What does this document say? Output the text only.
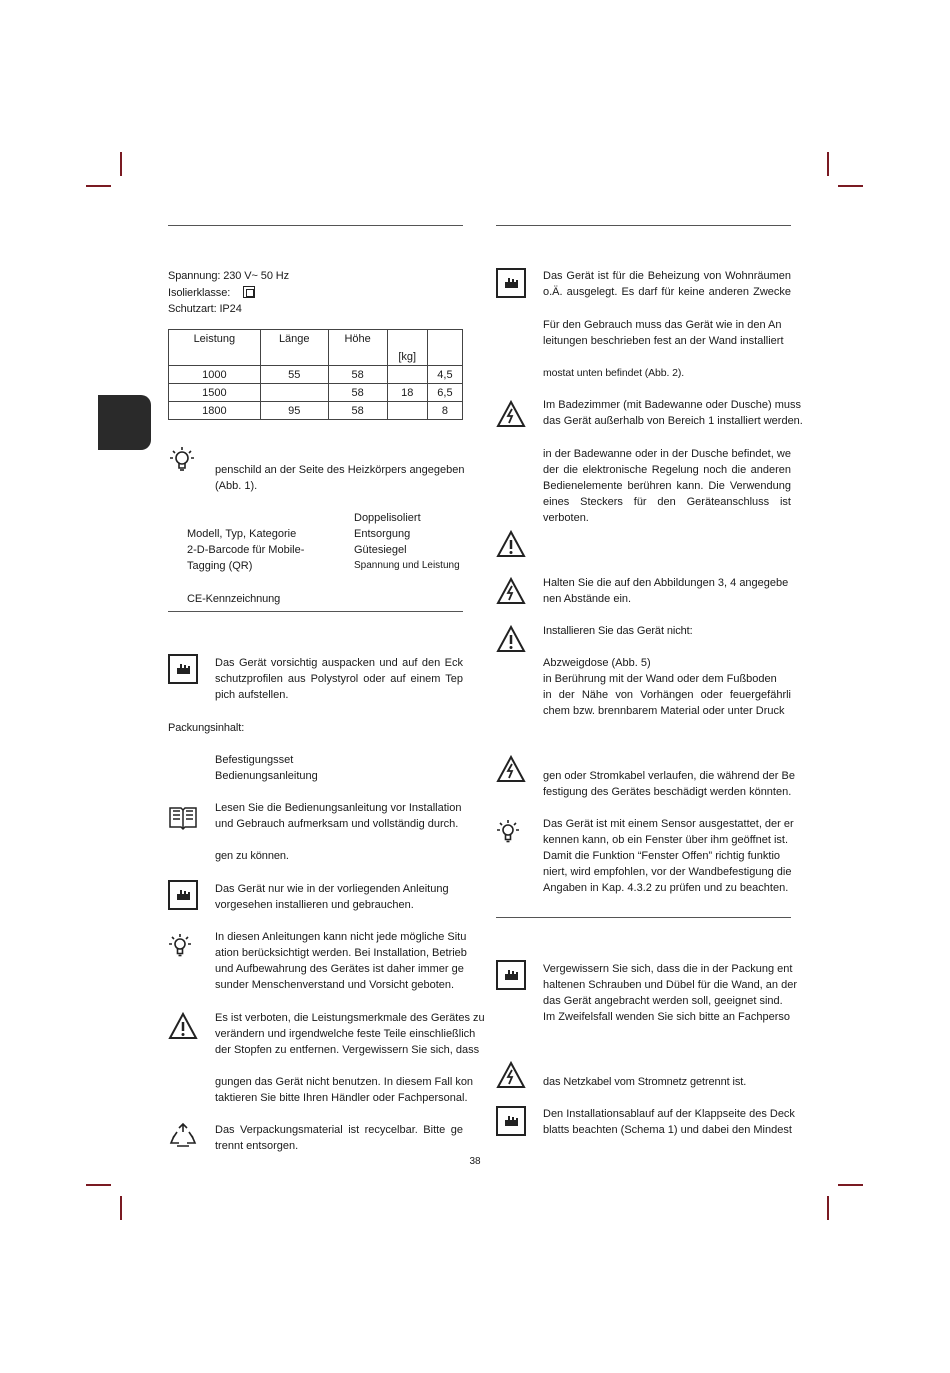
Spannung: 230 V~ 50 Hz
Isolierklasse:
Schutzart: IP24
Leistung	Länge	Höhe	[kg]	
1000	55	58		4,5
1500		58	18	6,5
1800	95	58		8
penschild an der Seite des Heizkörpers angegeben
(Abb. 1).
Modell, Typ, Kategorie
2-D-Barcode für Mobile-
Tagging (QR)
Doppelisoliert
Entsorgung
Gütesiegel
Spannung und Leistung
CE-Kennzeichnung
Das Gerät vorsichtig auspacken und auf den Eck
schutzprofilen aus Polystyrol oder auf einem Tep
pich aufstellen.
Packungsinhalt:
Befestigungsset
Bedienungsanleitung
Lesen Sie die Bedienungsanleitung vor Installation
und Gebrauch aufmerksam und vollständig durch.
gen zu können.
Das Gerät nur wie in der vorliegenden Anleitung
vorgesehen installieren und gebrauchen.
In diesen Anleitungen kann nicht jede mögliche Situ
ation berücksichtigt werden. Bei Installation, Betrieb
und Aufbewahrung des Gerätes ist daher immer ge
sunder Menschenverstand und Vorsicht geboten.
Es ist verboten, die Leistungsmerkmale des Gerätes zu
verändern und irgendwelche feste Teile einschließlich
der Stopfen zu entfernen. Vergewissern Sie sich, dass
gungen das Gerät nicht benutzen. In diesem Fall kon
taktieren Sie bitte Ihren Händler oder Fachpersonal.
Das Verpackungsmaterial ist recycelbar. Bitte ge
trennt entsorgen.
Das Gerät ist für die Beheizung von Wohnräumen
o.Ä. ausgelegt. Es darf für keine anderen Zwecke
Für den Gebrauch muss das Gerät wie in den An
leitungen beschrieben fest an der Wand installiert
mostat unten befindet (Abb. 2).
Im Badezimmer (mit Badewanne oder Dusche) muss
das Gerät außerhalb von Bereich 1 installiert werden.
in der Badewanne oder in der Dusche befindet, we
der die elektronische Regelung noch die anderen
Bedienelemente berühren kann. Die Verwendung
eines Steckers für den Geräteanschluss ist verboten.
Halten Sie die auf den Abbildungen 3, 4 angegebe
nen Abstände ein.
Installieren Sie das Gerät nicht:
Abzweigdose (Abb. 5)
in Berührung mit der Wand oder dem Fußboden
in der Nähe von Vorhängen oder feuergefährli
chem bzw. brennbarem Material oder unter Druck
gen oder Stromkabel verlaufen, die während der Be
festigung des Gerätes beschädigt werden könnten.
Das Gerät ist mit einem Sensor ausgestattet, der er
kennen kann, ob ein Fenster über ihm geöffnet ist.
Damit die Funktion “Fenster Offen” richtig funktio
niert, wird empfohlen, vor der Wandbefestigung die
Angaben in Kap. 4.3.2 zu prüfen und zu beachten.
Vergewissern Sie sich, dass die in der Packung ent
haltenen Schrauben und Dübel für die Wand, an der
das Gerät angebracht werden soll, geeignet sind.
Im Zweifelsfall wenden Sie sich bitte an Fachperso
das Netzkabel vom Stromnetz getrennt ist.
Den Installationsablauf auf der Klappseite des Deck
blatts beachten (Schema 1) und dabei den Mindest
38
